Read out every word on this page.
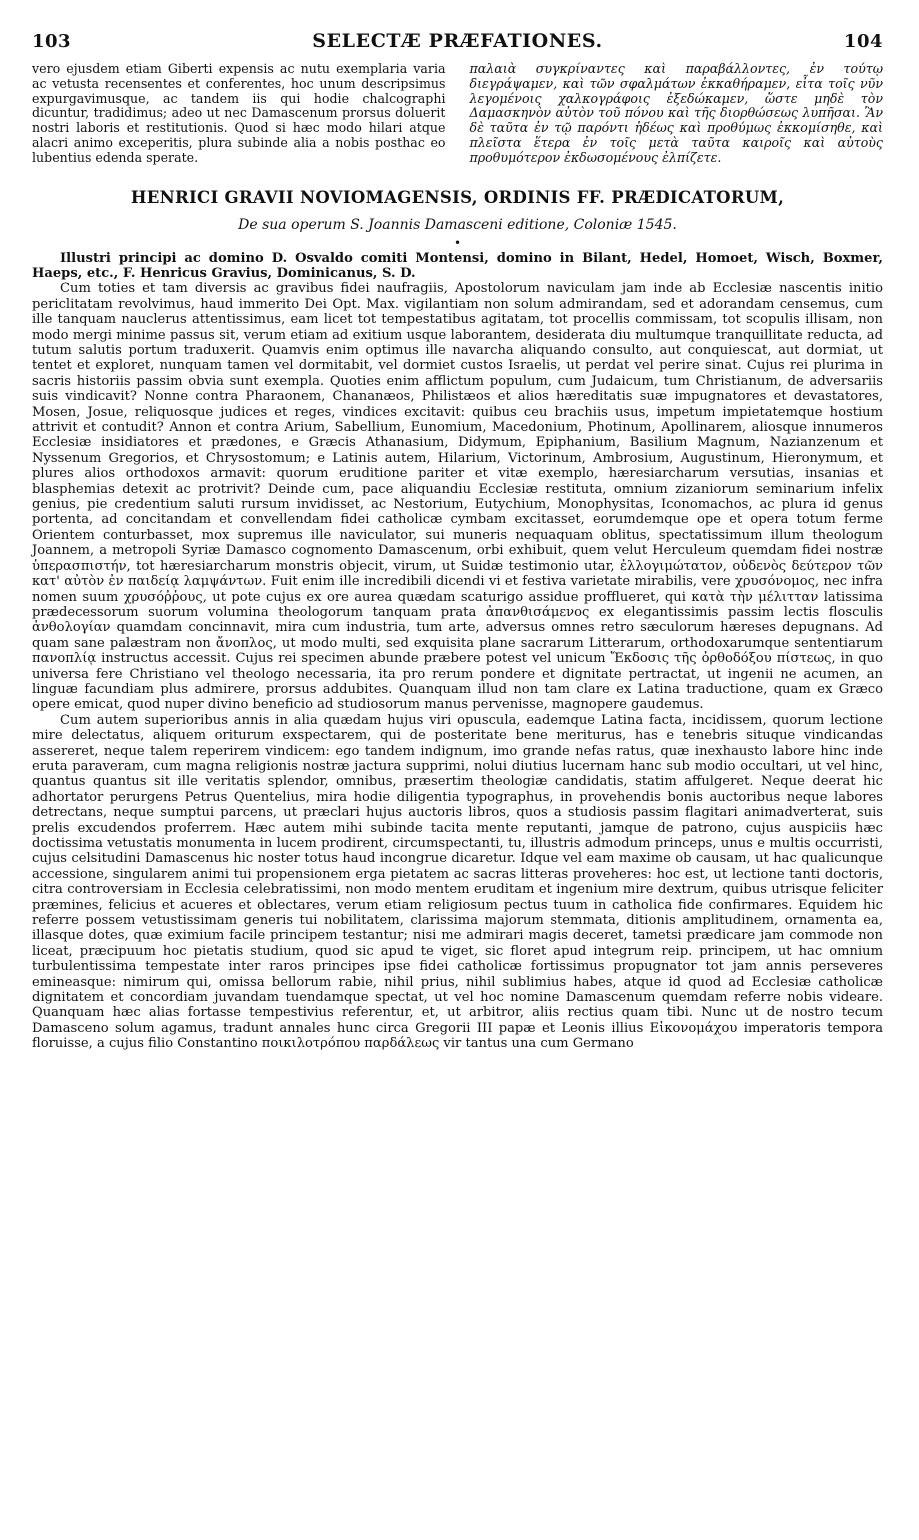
103	SELECTÆ PRÆFATIONES.	104
vero ejusdem etiam Giberti expensis ac nutu exemplaria varia ac vetusta recensentes et conferentes, hoc unum descripsimus expurgavimusque, ac tandem iis qui hodie chalcographi dicuntur, tradidimus; adeo ut nec Damascenum prorsus doluerit nostri laboris et restitutionis. Quod si hæc modo hilari atque alacri animo exceperitis, plura subinde alia a nobis posthac eo lubentius edenda sperate.
παλαιὰ συγκρίναντες καὶ παραβάλλοντες, ἐν τούτῳ διεγράψαμεν, καὶ τῶν σφαλμάτων ἐκκαθήραμεν, εἶτα τοῖς νῦν λεγομένοις χαλκογράφοις ἐξεδώκαμεν, ὥστε μηδὲ τὸν Δαμασκηνὸν αὐτὸν τοῦ πόνου καὶ τῆς διορθώσεως λυπῆσαι. Ἂν δὲ ταῦτα ἐν τῷ παρόντι ἡδέως καὶ προθύμως ἐκκομίσηθε, καὶ πλεῖστα ἕτερα ἐν τοῖς μετὰ ταῦτα καιροῖς καὶ αὐτοὺς προθυμότερον ἐκδωσομένους ἐλπίζετε.
HENRICI GRAVII NOVIOMAGENSIS, ORDINIS FF. PRÆDICATORUM,
De sua operum S. Joannis Damasceni editione, Coloniæ 1545.
•

Illustri principi ac domino D. Osvaldo comiti Montensi, domino in Bilant, Hedel, Homoet, Wisch, Boxmer, Haeps, etc., F. Henricus Gravius, Dominicanus, S. D.

Cum toties et tam diversis ac gravibus fidei naufragiis, Apostolorum naviculam jam inde ab Ecclesiæ nascentis initio periclitatam revolvimus, haud immerito Dei Opt. Max. vigilantiam non solum admirandam, sed et adorandam censemus, cum ille tanquam nauclerus attentissimus, eam licet tot tempestatibus agitatam, tot procellis commissam, tot scopulis illisam, non modo mergi minime passus sit, verum etiam ad exitium usque laborantem, desiderata diu multumque tranquillitate reducta, ad tutum salutis portum traduxerit. Quamvis enim optimus ille navarcha aliquando consulto, aut conquiescat, aut dormiat, ut tentet et exploret, nunquam tamen vel dormitabit, vel dormiet custos Israelis, ut perdat vel perire sinat. Cujus rei plurima in sacris historiis passim obvia sunt exempla. Quoties enim afflictum populum, cum Judaicum, tum Christianum, de adversariis suis vindicavit? Nonne contra Pharaonem, Chananæos, Philistæos et alios hæreditatis suæ impugnatores et devastatores, Mosen, Josue, reliquosque judices et reges, vindices excitavit: quibus ceu brachiis usus, impetum impietatemque hostium attrivit et contudit? Annon et contra Arium, Sabellium, Eunomium, Macedonium, Photinum, Apollinarem, aliosque innumeros Ecclesiæ insidiatores et prædones, e Græcis Athanasium, Didymum, Epiphanium, Basilium Magnum, Nazianzenum et Nyssenum Gregorios, et Chrysostomum; e Latinis autem, Hilarium, Victorinum, Ambrosium, Augustinum, Hieronymum, et plures alios orthodoxos armavit: quorum eruditione pariter et vitæ exemplo, hæresiarcharum versutias, insanias et blasphemias detexit ac protrivit? Deinde cum, pace aliquandiu Ecclesiæ restituta, omnium zizaniorum seminarium infelix genius, pie credentium saluti rursum invidisset, ac Nestorium, Eutychium, Monophysitas, Iconomachos, ac plura id genus portenta, ad concitandam et convellendam fidei catholicæ cymbam excitasset, eorumdemque ope et opera totum ferme Orientem conturbasset, mox supremus ille naviculator, sui muneris nequaquam oblitus, spectatissimum illum theologum Joannem, a metropoli Syriæ Damasco cognomento Damascenum, orbi exhibuit, quem velut Herculeum quemdam fidei nostræ ὑπερασπιστήν, tot hæresiarcharum monstris objecit, virum, ut Suidæ testimonio utar, ἐλλογιμώτατον, οὐδενὸς δεύτερον τῶν κατ' αὐτὸν ἐν παιδείᾳ λαμψάντων. Fuit enim ille incredibili dicendi vi et festiva varietate mirabilis, vere χρυσόνομος, nec infra nomen suum χρυσόῤῥους, ut pote cujus ex ore aurea quædam scaturigo assidue profflueret, qui κατὰ τὴν μέλιτταν latissima prædecessorum suorum volumina theologorum tanquam prata ἀπανθισάμενος ex elegantissimis passim lectis flosculis ἀνθολογίαν quamdam concinnavit, mira cum industria, tum arte, adversus omnes retro sæculorum hæreses depugnans. Ad quam sane palæstram non ἄνοπλος, ut modo multi, sed exquisita plane sacrarum Litterarum, orthodoxarumque sententiarum πανοπλίᾳ instructus accessit. Cujus rei specimen abunde præbere potest vel unicum Ἔκδοσις τῆς ὀρθοδόξου πίστεως, in quo universa fere Christiano vel theologo necessaria, ita pro rerum pondere et dignitate pertractat, ut ingenii ne acumen, an linguæ facundiam plus admirere, prorsus addubites. Quanquam illud non tam clare ex Latina traductione, quam ex Græco opere emicat, quod nuper divino beneficio ad studiosorum manus pervenisse, magnopere gaudemus.

Cum autem superioribus annis in alia quædam hujus viri opuscula, eademque Latina facta, incidissem, quorum lectione mire delectatus, aliquem oriturum exspectarem, qui de posteritate bene meriturus, has e tenebris situque vindicandas assereret, neque talem reperirem vindicem: ego tandem indignum, imo grande nefas ratus, quæ inexhausto labore hinc inde eruta paraveram, cum magna religionis nostræ jactura supprimi, nolui diutius lucernam hanc sub modio occultari, ut vel hinc, quantus quantus sit ille veritatis splendor, omnibus, præsertim theologiæ candidatis, statim affulgeret. Neque deerat hic adhortator perurgens Petrus Quentelius, mira hodie diligentia typographus, in provehendis bonis auctoribus neque labores detrectans, neque sumptui parcens, ut præclari hujus auctoris libros, quos a studiosis passim flagitari animadverterat, suis prelis excudendos proferrem. Hæc autem mihi subinde tacita mente reputanti, jamque de patrono, cujus auspiciis hæc doctissima vetustatis monumenta in lucem prodirent, circumspectanti, tu, illustris admodum princeps, unus e multis occurristi, cujus celsitudini Damascenus hic noster totus haud incongrue dicaretur. Idque vel eam maxime ob causam, ut hac qualicunque accessione, singularem animi tui propensionem erga pietatem ac sacras litteras proveheres: hoc est, ut lectione tanti doctoris, citra controversiam in Ecclesia celebratissimi, non modo mentem eruditam et ingenium mire dextrum, quibus utrisque feliciter præmines, felicius et acueres et oblectares, verum etiam religiosum pectus tuum in catholica fide confirmares. Equidem hic referre possem vetustissimam generis tui nobilitatem, clarissima majorum stemmata, ditionis amplitudinem, ornamenta ea, illasque dotes, quæ eximium facile principem testantur; nisi me admirari magis deceret, tametsi prædicare jam commode non liceat, præcipuum hoc pietatis studium, quod sic apud te viget, sic floret apud integrum reip. principem, ut hac omnium turbulentissima tempestate inter raros principes ipse fidei catholicæ fortissimus propugnator tot jam annis perseveres emineasque: nimirum qui, omissa bellorum rabie, nihil prius, nihil sublimius habes, atque id quod ad Ecclesiæ catholicæ dignitatem et concordiam juvandam tuendamque spectat, ut vel hoc nomine Damascenum quemdam referre nobis videare. Quanquam hæc alias fortasse tempestivius referentur, et, ut arbitror, aliis rectius quam tibi. Nunc ut de nostro tecum Damasceno solum agamus, tradunt annales hunc circa Gregorii III papæ et Leonis illius Εἰκονομάχου imperatoris tempora floruisse, a cujus filio Constantino ποικιλοτρόπου παρδάλεως vir tantus una cum Germano
